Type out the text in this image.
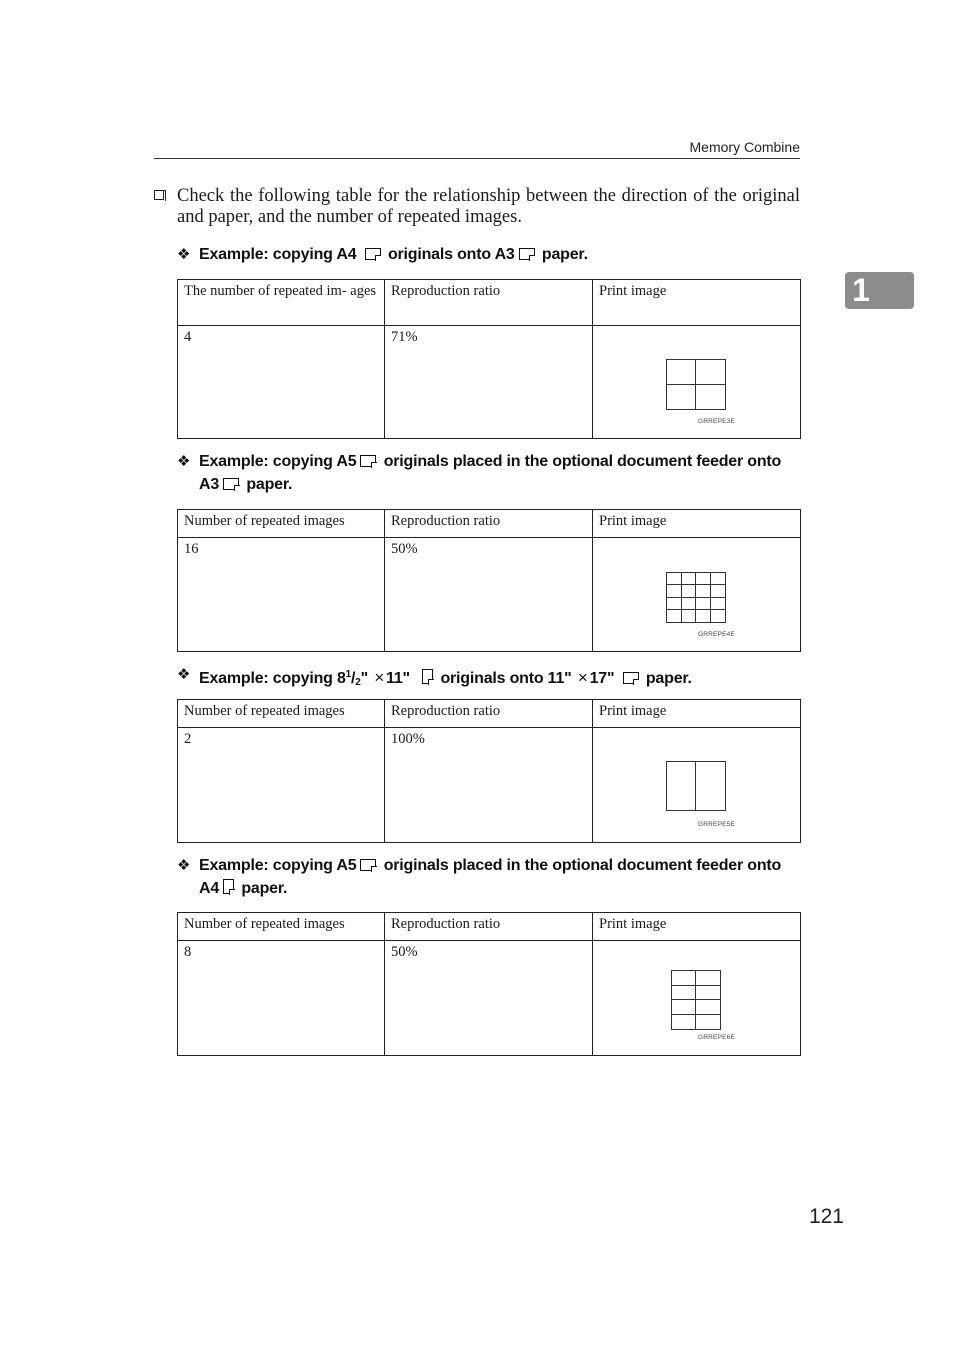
Memory Combine
1
Check the following table for the relationship between the direction of the original and paper, and the number of repeated images.
❖ Example: copying A4 originals onto A3 paper.
The number of repeated im- ages	Reproduction ratio	Print image
4	71%	GRREPE3E
❖ Example: copying A5 originals placed in the optional document feeder onto A3 paper.
Number of repeated images	Reproduction ratio	Print image
16	50%	GRREPE4E
❖ Example: copying $8^1/2$" × 11" originals onto 11" × 17" paper.
Number of repeated images	Reproduction ratio	Print image
2	100%	GRREPE5E
❖ Example: copying A5 originals placed in the optional document feeder onto A4 paper.
Number of repeated images	Reproduction ratio	Print image
8	50%	GRREPE6E
121
